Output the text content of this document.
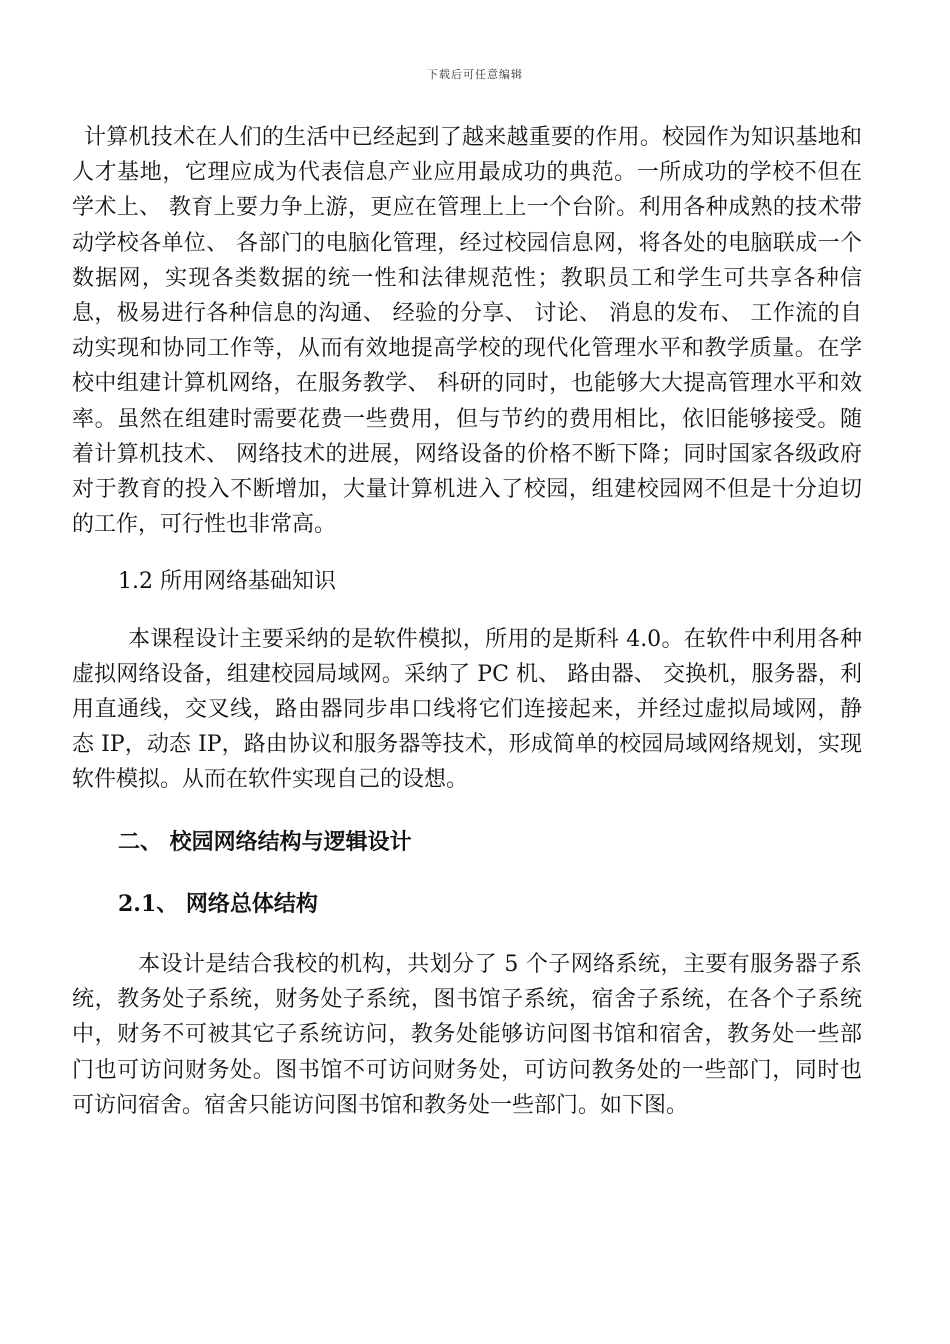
下载后可任意编辑

计算机技术在人们的生活中已经起到了越来越重要的作用。校园作为知识基地和人才基地，它理应成为代表信息产业应用最成功的典范。一所成功的学校不但在学术上、 教育上要力争上游，更应在管理上上一个台阶。利用各种成熟的技术带动学校各单位、 各部门的电脑化管理，经过校园信息网，将各处的电脑联成一个数据网，实现各类数据的统一性和法律规范性；教职员工和学生可共享各种信息，极易进行各种信息的沟通、 经验的分享、 讨论、 消息的发布、 工作流的自动实现和协同工作等，从而有效地提高学校的现代化管理水平和教学质量。在学校中组建计算机网络，在服务教学、 科研的同时，也能够大大提高管理水平和效率。虽然在组建时需要花费一些费用，但与节约的费用相比，依旧能够接受。随着计算机技术、 网络技术的进展，网络设备的价格不断下降；同时国家各级政府对于教育的投入不断增加，大量计算机进入了校园，组建校园网不但是十分迫切的工作，可行性也非常高。

1.2 所用网络基础知识

本课程设计主要采纳的是软件模拟，所用的是斯科 4.0。在软件中利用各种虚拟网络设备，组建校园局域网。采纳了 PC 机、 路由器、 交换机，服务器，利用直通线，交叉线，路由器同步串口线将它们连接起来，并经过虚拟局域网，静态 IP，动态 IP，路由协议和服务器等技术，形成简单的校园局域网络规划，实现软件模拟。从而在软件实现自己的设想。

二、 校园网络结构与逻辑设计
2.1、 网络总体结构

本设计是结合我校的机构，共划分了 5 个子网络系统，主要有服务器子系统，教务处子系统，财务处子系统，图书馆子系统，宿舍子系统，在各个子系统中，财务不可被其它子系统访问，教务处能够访问图书馆和宿舍，教务处一些部门也可访问财务处。图书馆不可访问财务处，可访问教务处的一些部门，同时也可访问宿舍。宿舍只能访问图书馆和教务处一些部门。如下图。
